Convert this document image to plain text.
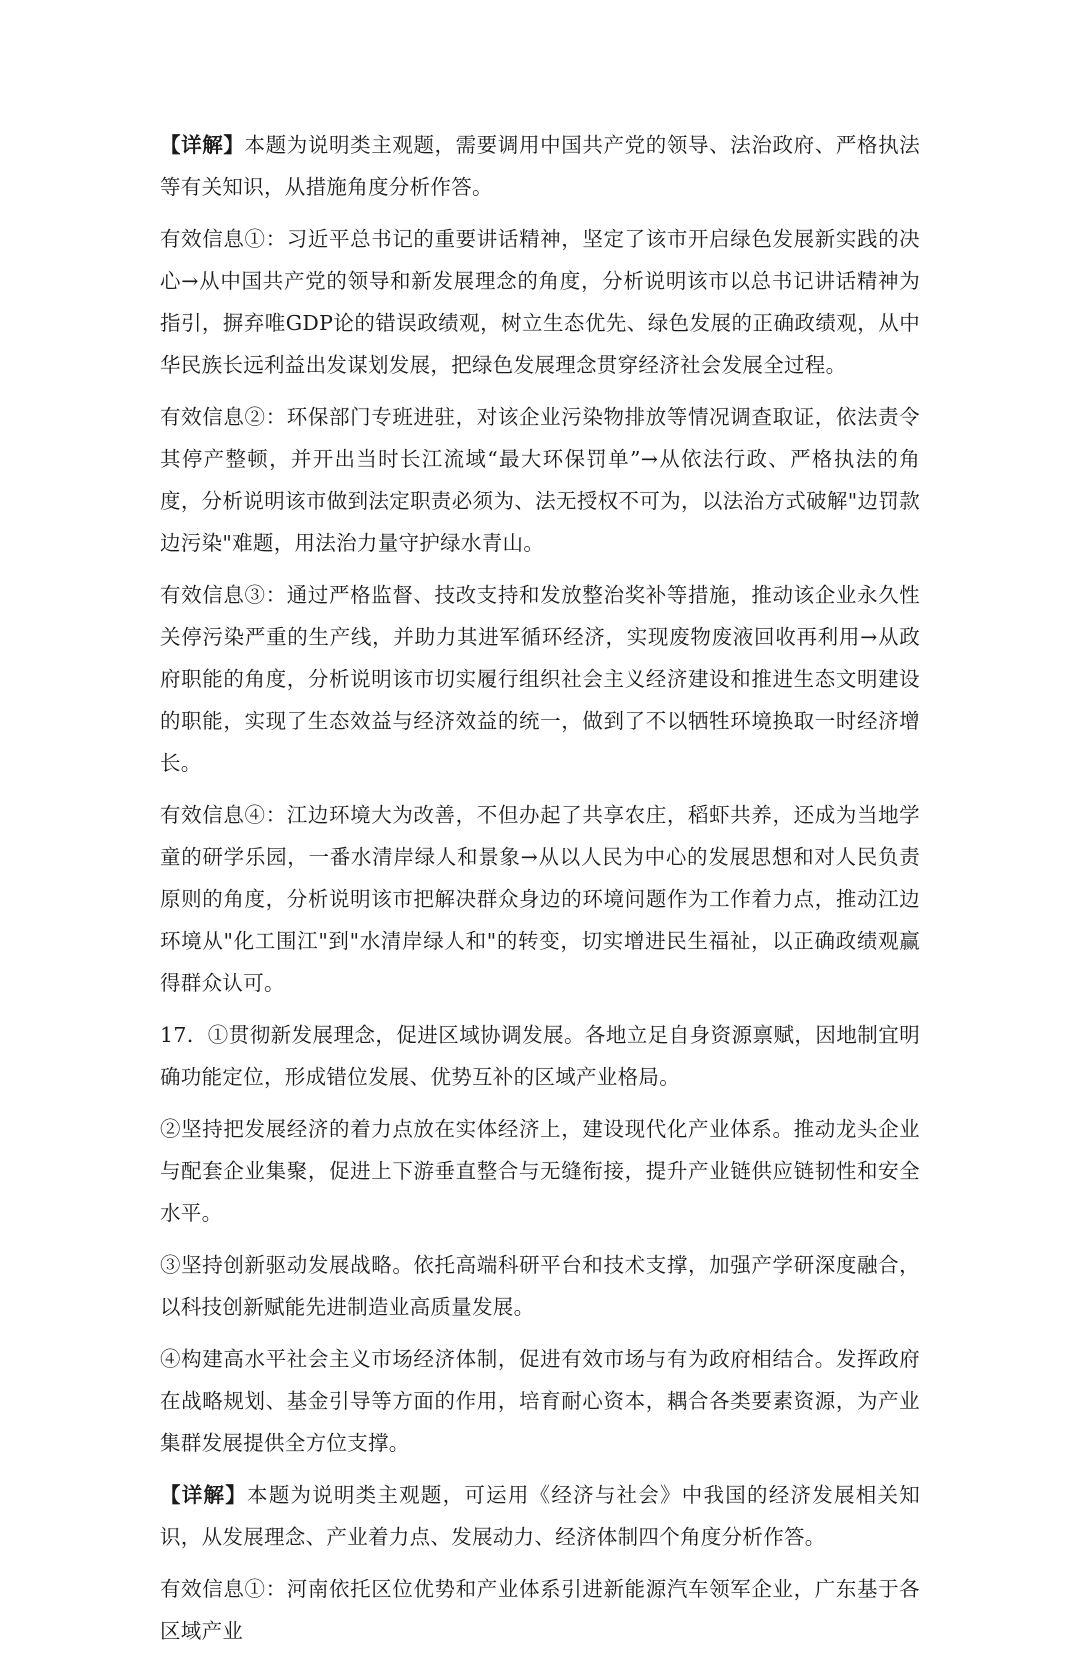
【详解】本题为说明类主观题，需要调用中国共产党的领导、法治政府、严格执法等有关知识，从措施角度分析作答。

有效信息①：习近平总书记的重要讲话精神，坚定了该市开启绿色发展新实践的决心→从中国共产党的领导和新发展理念的角度，分析说明该市以总书记讲话精神为指引，摒弃唯GDP论的错误政绩观，树立生态优先、绿色发展的正确政绩观，从中华民族长远利益出发谋划发展，把绿色发展理念贯穿经济社会发展全过程。

有效信息②：环保部门专班进驻，对该企业污染物排放等情况调查取证，依法责令其停产整顿，并开出当时长江流域“最大环保罚单”→从依法行政、严格执法的角度，分析说明该市做到法定职责必须为、法无授权不可为，以法治方式破解"边罚款边污染"难题，用法治力量守护绿水青山。

有效信息③：通过严格监督、技改支持和发放整治奖补等措施，推动该企业永久性关停污染严重的生产线，并助力其进军循环经济，实现废物废液回收再利用→从政府职能的角度，分析说明该市切实履行组织社会主义经济建设和推进生态文明建设的职能，实现了生态效益与经济效益的统一，做到了不以牺牲环境换取一时经济增长。

有效信息④：江边环境大为改善，不但办起了共享农庄，稻虾共养，还成为当地学童的研学乐园，一番水清岸绿人和景象→从以人民为中心的发展思想和对人民负责原则的角度，分析说明该市把解决群众身边的环境问题作为工作着力点，推动江边环境从"化工围江"到"水清岸绿人和"的转变，切实增进民生福祉，以正确政绩观赢得群众认可。

17．①贯彻新发展理念，促进区域协调发展。各地立足自身资源禀赋，因地制宜明确功能定位，形成错位发展、优势互补的区域产业格局。

②坚持把发展经济的着力点放在实体经济上，建设现代化产业体系。推动龙头企业与配套企业集聚，促进上下游垂直整合与无缝衔接，提升产业链供应链韧性和安全水平。

③坚持创新驱动发展战略。依托高端科研平台和技术支撑，加强产学研深度融合，以科技创新赋能先进制造业高质量发展。

④构建高水平社会主义市场经济体制，促进有效市场与有为政府相结合。发挥政府在战略规划、基金引导等方面的作用，培育耐心资本，耦合各类要素资源，为产业集群发展提供全方位支撑。

【详解】本题为说明类主观题，可运用《经济与社会》中我国的经济发展相关知识，从发展理念、产业着力点、发展动力、经济体制四个角度分析作答。

有效信息①：河南依托区位优势和产业体系引进新能源汽车领军企业，广东基于各区域产业
